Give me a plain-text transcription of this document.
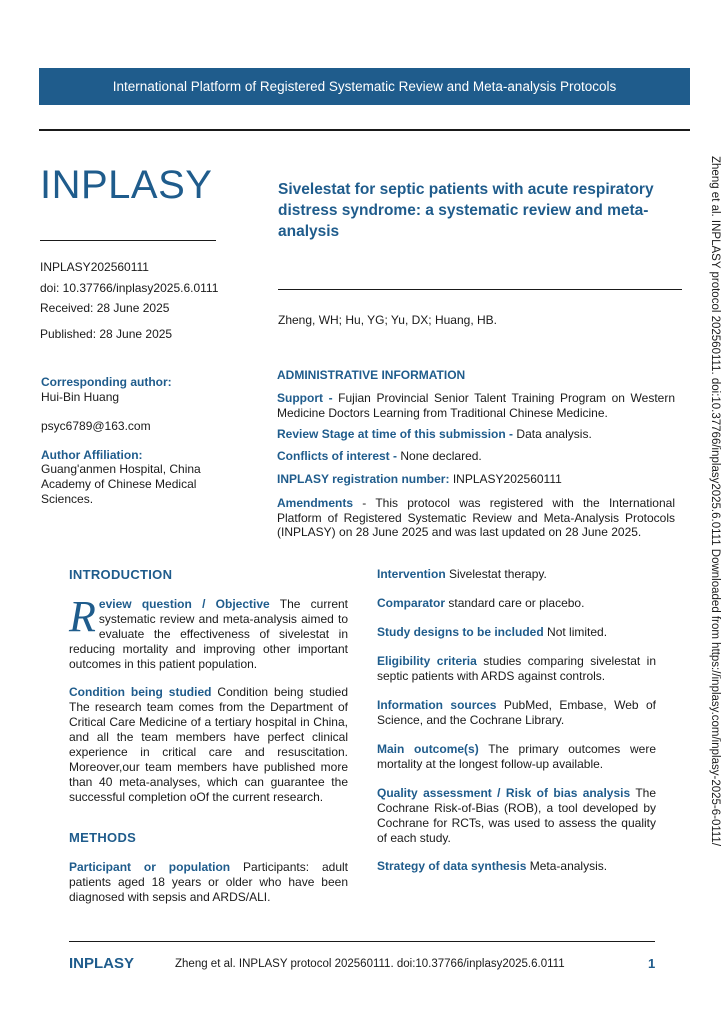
International Platform of Registered Systematic Review and Meta-analysis Protocols
INPLASY
INPLASY202560111
doi: 10.37766/inplasy2025.6.0111
Received: 28 June 2025
Published: 28 June 2025
Sivelestat for septic patients with acute respiratory distress syndrome: a systematic review and meta-analysis
Zheng, WH; Hu, YG; Yu, DX; Huang, HB.
Corresponding author:
Hui-Bin Huang
psyc6789@163.com
Author Affiliation:
Guang'anmen Hospital, China Academy of Chinese Medical Sciences.
ADMINISTRATIVE INFORMATION
Support - Fujian Provincial Senior Talent Training Program on Western Medicine Doctors Learning from Traditional Chinese Medicine.
Review Stage at time of this submission - Data analysis.
Conflicts of interest - None declared.
INPLASY registration number: INPLASY202560111
Amendments - This protocol was registered with the International Platform of Registered Systematic Review and Meta-Analysis Protocols (INPLASY) on 28 June 2025 and was last updated on 28 June 2025.
INTRODUCTION
Review question / Objective The current systematic review and meta-analysis aimed to evaluate the effectiveness of sivelestat in reducing mortality and improving other important outcomes in this patient population.
Condition being studied Condition being studied The research team comes from the Department of Critical Care Medicine of a tertiary hospital in China, and all the team members have perfect clinical experience in critical care and resuscitation. Moreover,our team members have published more than 40 meta-analyses, which can guarantee the successful completion oOf the current research.
METHODS
Participant or population Participants: adult patients aged 18 years or older who have been diagnosed with sepsis and ARDS/ALI.
Intervention Sivelestat therapy.
Comparator standard care or placebo.
Study designs to be included Not limited.
Eligibility criteria studies comparing sivelestat in septic patients with ARDS against controls.
Information sources PubMed, Embase, Web of Science, and the Cochrane Library.
Main outcome(s) The primary outcomes were mortality at the longest follow-up available.
Quality assessment / Risk of bias analysis The Cochrane Risk-of-Bias (ROB), a tool developed by Cochrane for RCTs, was used to assess the quality of each study.
Strategy of data synthesis Meta-analysis.
Zheng et al. INPLASY protocol 202560111. doi:10.37766/inplasy2025.6.0111 Downloaded from https://inplasy.com/inplasy-2025-6-0111/
INPLASY	Zheng et al. INPLASY protocol 202560111. doi:10.37766/inplasy2025.6.0111	1
